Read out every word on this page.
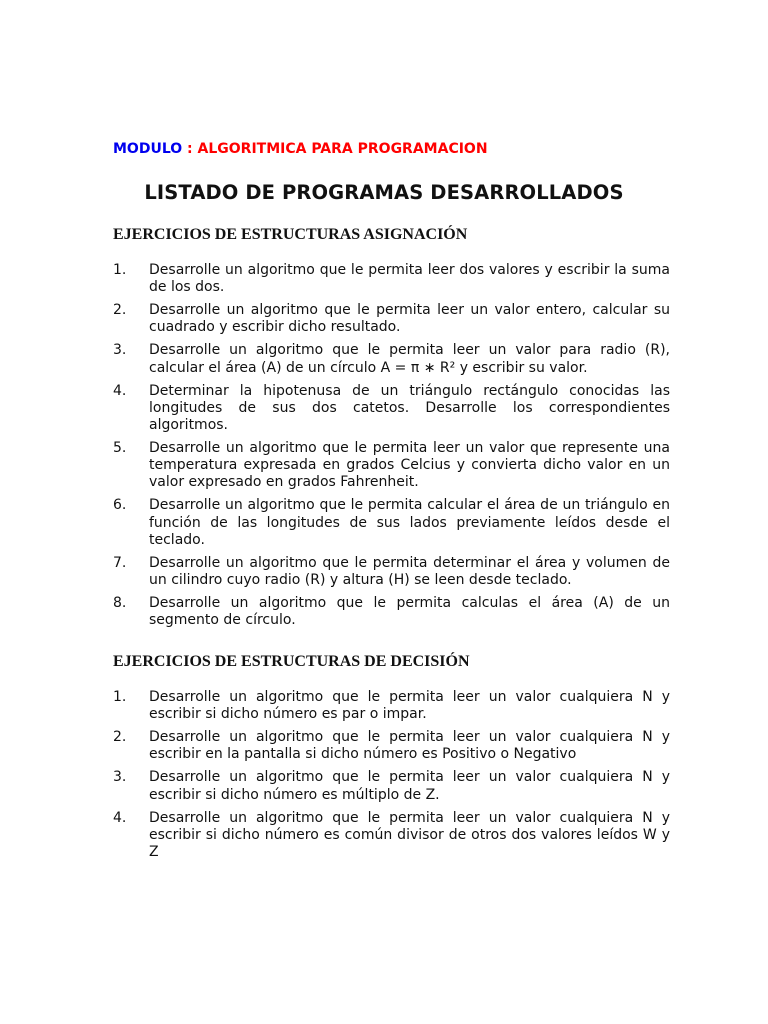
MODULO : ALGORITMICA PARA PROGRAMACION
LISTADO DE PROGRAMAS DESARROLLADOS
EJERCICIOS DE ESTRUCTURAS ASIGNACIÓN
1.	Desarrolle un algoritmo que le permita leer dos valores y escribir la suma de los dos.
2.	Desarrolle un algoritmo que le permita leer un valor entero, calcular su cuadrado y escribir dicho resultado.
3.	Desarrolle un algoritmo que le permita leer un valor para radio (R), calcular el área (A) de un círculo A = π ∗ R² y escribir su valor.
4.	Determinar la hipotenusa de un triángulo rectángulo conocidas las longitudes de sus dos catetos. Desarrolle los correspondientes algoritmos.
5.	Desarrolle un algoritmo que le permita leer un valor que represente una temperatura expresada en grados Celcius y convierta dicho valor en un valor expresado en grados Fahrenheit.
6.	Desarrolle un algoritmo que le permita calcular el área de un triángulo en función de las longitudes de sus lados previamente leídos desde el teclado.
7.	Desarrolle un algoritmo que le permita determinar el área y volumen de un cilindro cuyo radio (R) y altura (H) se leen desde teclado.
8.	Desarrolle un algoritmo que le permita calculas el área (A) de un segmento de círculo.
EJERCICIOS DE ESTRUCTURAS DE DECISIÓN
1.	Desarrolle un algoritmo que le permita leer un valor cualquiera N y escribir si dicho número es par o impar.
2.	Desarrolle un algoritmo que le permita leer un valor cualquiera N y escribir en la pantalla si dicho número es Positivo o Negativo
3.	Desarrolle un algoritmo que le permita leer un valor cualquiera N y escribir si dicho número es múltiplo de Z.
4.	Desarrolle un algoritmo que le permita leer un valor cualquiera N y escribir si dicho número es común divisor de otros dos valores leídos W y Z
